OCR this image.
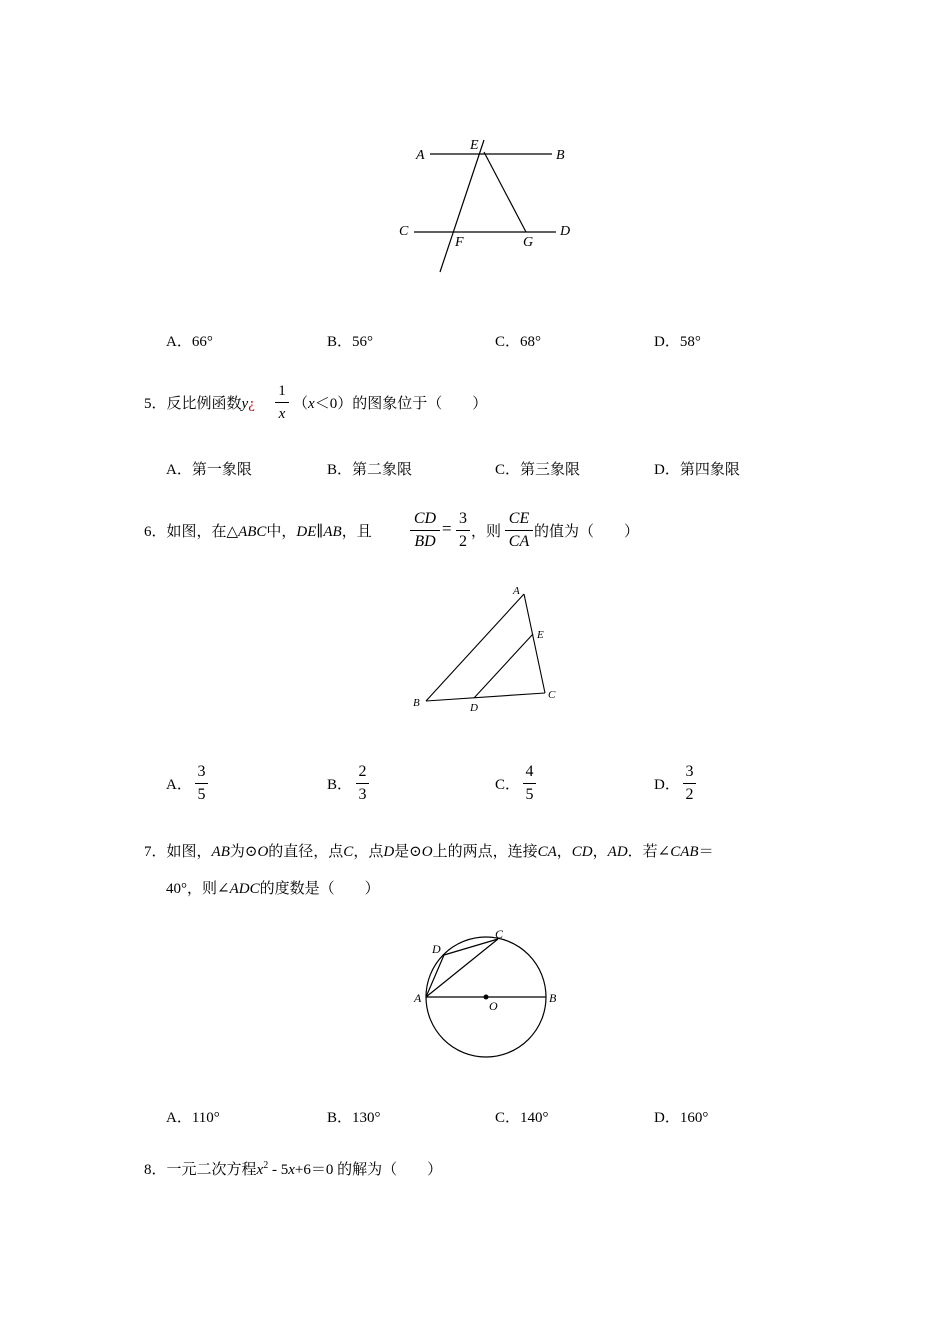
A
E
B
C
F	G
D
A．66°	B．56°	C．68°	D．58°
5．反比例函数y¿
1
x
（x＜0）的图象位于（　　）
A．第一象限	B．第二象限	C．第三象限	D．第四象限
6．如图，在△ABC中，DE∥AB，且
CD
BD
=
3
2
，则
CE
CA
的值为（　　）
A
E
B	D
C
A．
3
5
B．
2
3
C．
4
5
D．
3
2
7．如图，AB为⊙O的直径，点C，点D是⊙O上的两点，连接CA，CD，AD．若∠CAB＝
40°，则∠ADC的度数是（　　）
C
D
A
O
B
A．110°	B．130°	C．140°	D．160°
8．一元二次方程$x^2 - 5x+6=0$ 的解为（　　）
